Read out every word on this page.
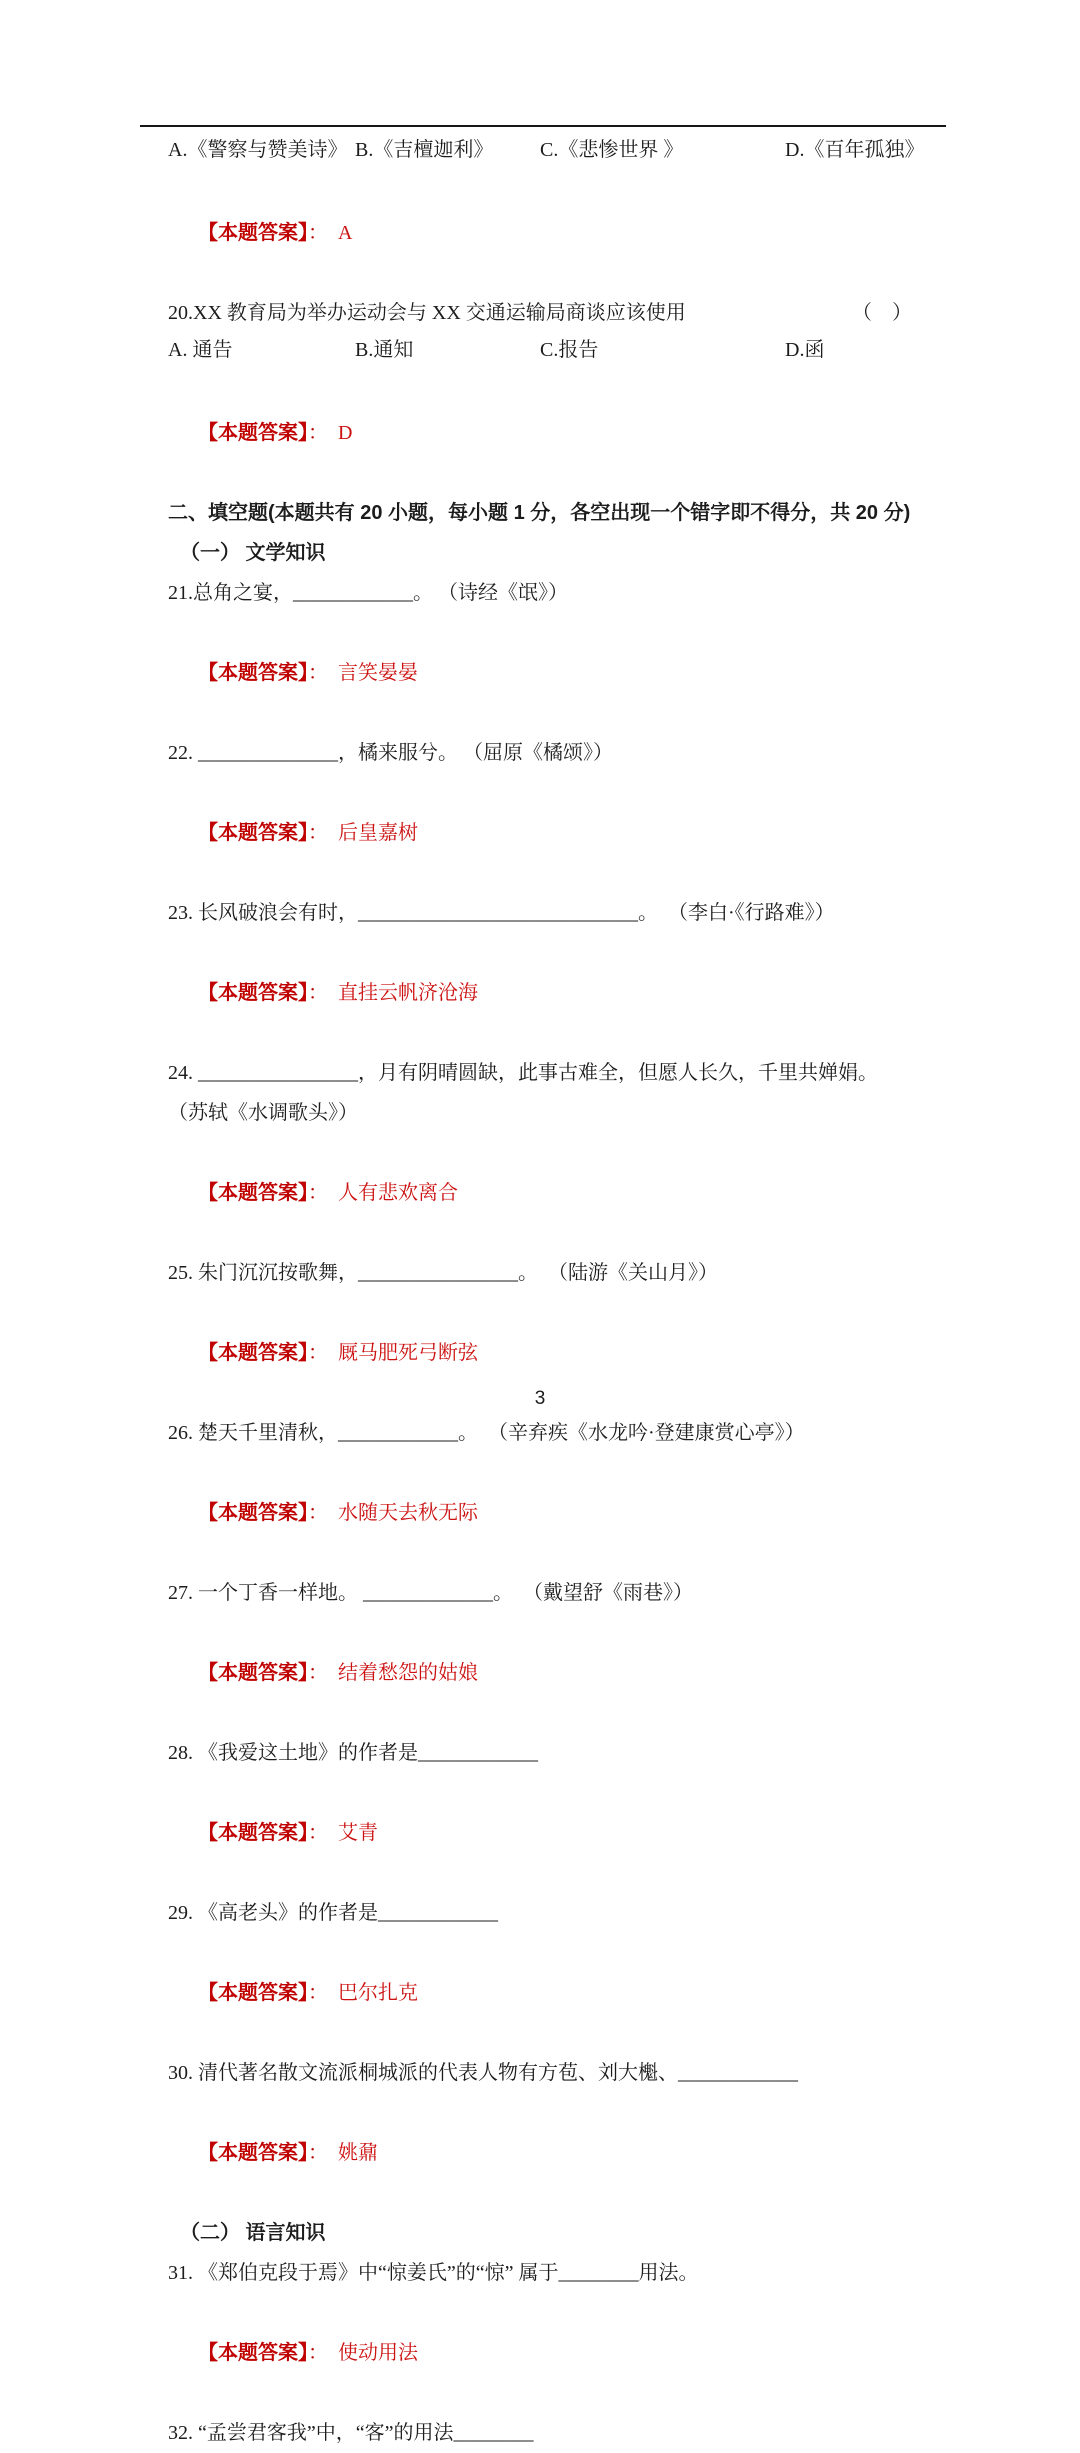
A.《警察与赞美诗》 B.《吉檀迦利》 C.《悲惨世界 》	D.《百年孤独》

【本题答案】：  A

20.XX 教育局为举办运动会与 XX 交通运输局商谈应该使用	（    ）
A. 通告	B.通知	C.报告	D.函

【本题答案】：  D

二、填空题(本题共有 20 小题，每小题 1 分，各空出现一个错字即不得分，共 20 分)
（一） 文学知识
21.总角之宴，____________。 （诗经《氓》）

【本题答案】：  言笑晏晏

22. ______________，橘来服兮。 （屈原《橘颂》）

【本题答案】：  后皇嘉树

23. 长风破浪会有时，____________________________。  （李白·《行路难》）

【本题答案】：  直挂云帆济沧海

24. ________________，月有阴晴圆缺，此事古难全，但愿人长久，千里共婵娟。 （苏轼《水调歌头》）

【本题答案】：  人有悲欢离合

25. 朱门沉沉按歌舞，________________。  （陆游《关山月》）

【本题答案】：  厩马肥死弓断弦

26. 楚天千里清秋，____________。  （辛弃疾《水龙吟·登建康赏心亭》）

【本题答案】：  水随天去秋无际

27. 一个丁香一样地。 _____________。  （戴望舒《雨巷》）

【本题答案】：  结着愁怨的姑娘

28. 《我爱这土地》的作者是____________

【本题答案】：  艾青

29. 《高老头》的作者是____________

【本题答案】：  巴尔扎克

30. 清代著名散文流派桐城派的代表人物有方苞、刘大櫆、____________

【本题答案】：  姚鼐

（二） 语言知识
31. 《郑伯克段于焉》中“惊姜氏”的“惊” 属于________用法。

【本题答案】：  使动用法

32. “孟尝君客我”中，“客”的用法________
3
